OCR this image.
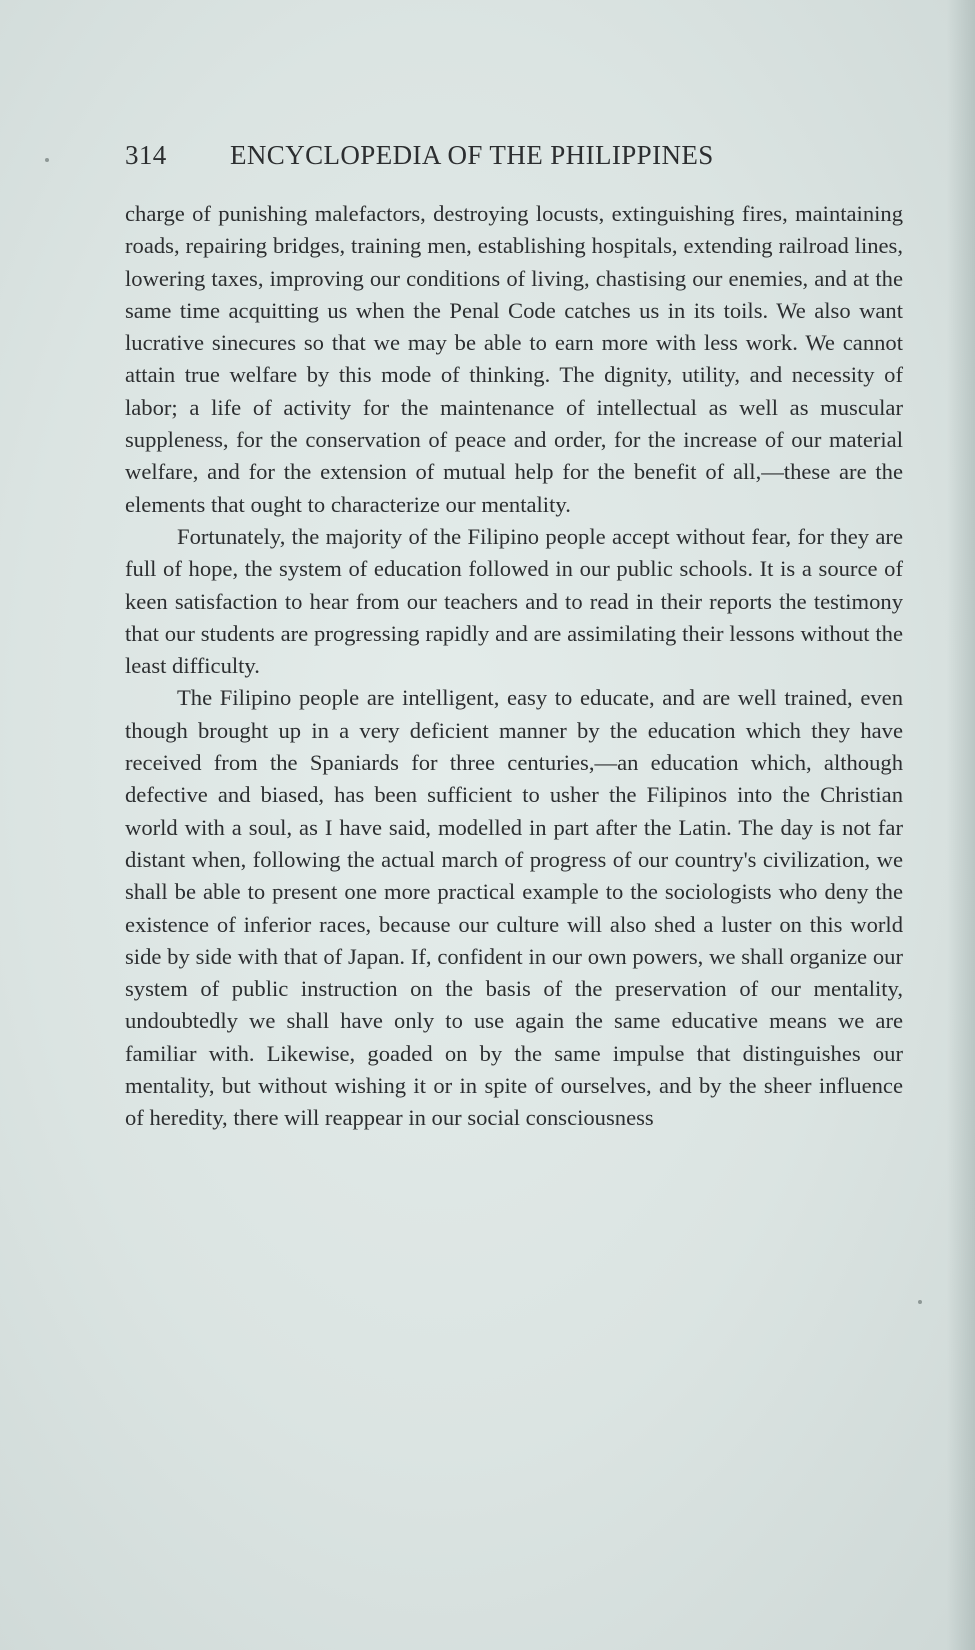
314 ENCYCLOPEDIA OF THE PHILIPPINES

charge of punishing malefactors, destroying locusts, extinguishing fires, maintaining roads, repairing bridges, training men, establishing hospitals, extending railroad lines, lowering taxes, improving our conditions of living, chastising our enemies, and at the same time acquitting us when the Penal Code catches us in its toils. We also want lucrative sinecures so that we may be able to earn more with less work. We cannot attain true welfare by this mode of thinking. The dignity, utility, and necessity of labor; a life of activity for the maintenance of intellectual as well as muscular suppleness, for the conservation of peace and order, for the increase of our material welfare, and for the extension of mutual help for the benefit of all,—these are the elements that ought to characterize our mentality.

Fortunately, the majority of the Filipino people accept without fear, for they are full of hope, the system of education followed in our public schools. It is a source of keen satisfaction to hear from our teachers and to read in their reports the testimony that our students are progressing rapidly and are assimilating their lessons without the least difficulty.

The Filipino people are intelligent, easy to educate, and are well trained, even though brought up in a very deficient manner by the education which they have received from the Spaniards for three centuries,—an education which, although defective and biased, has been sufficient to usher the Filipinos into the Christian world with a soul, as I have said, modelled in part after the Latin. The day is not far distant when, following the actual march of progress of our country's civilization, we shall be able to present one more practical example to the sociologists who deny the existence of inferior races, because our culture will also shed a luster on this world side by side with that of Japan. If, confident in our own powers, we shall organize our system of public instruction on the basis of the preservation of our mentality, undoubtedly we shall have only to use again the same educative means we are familiar with. Likewise, goaded on by the same impulse that distinguishes our mentality, but without wishing it or in spite of ourselves, and by the sheer influence of heredity, there will reappear in our social consciousness
